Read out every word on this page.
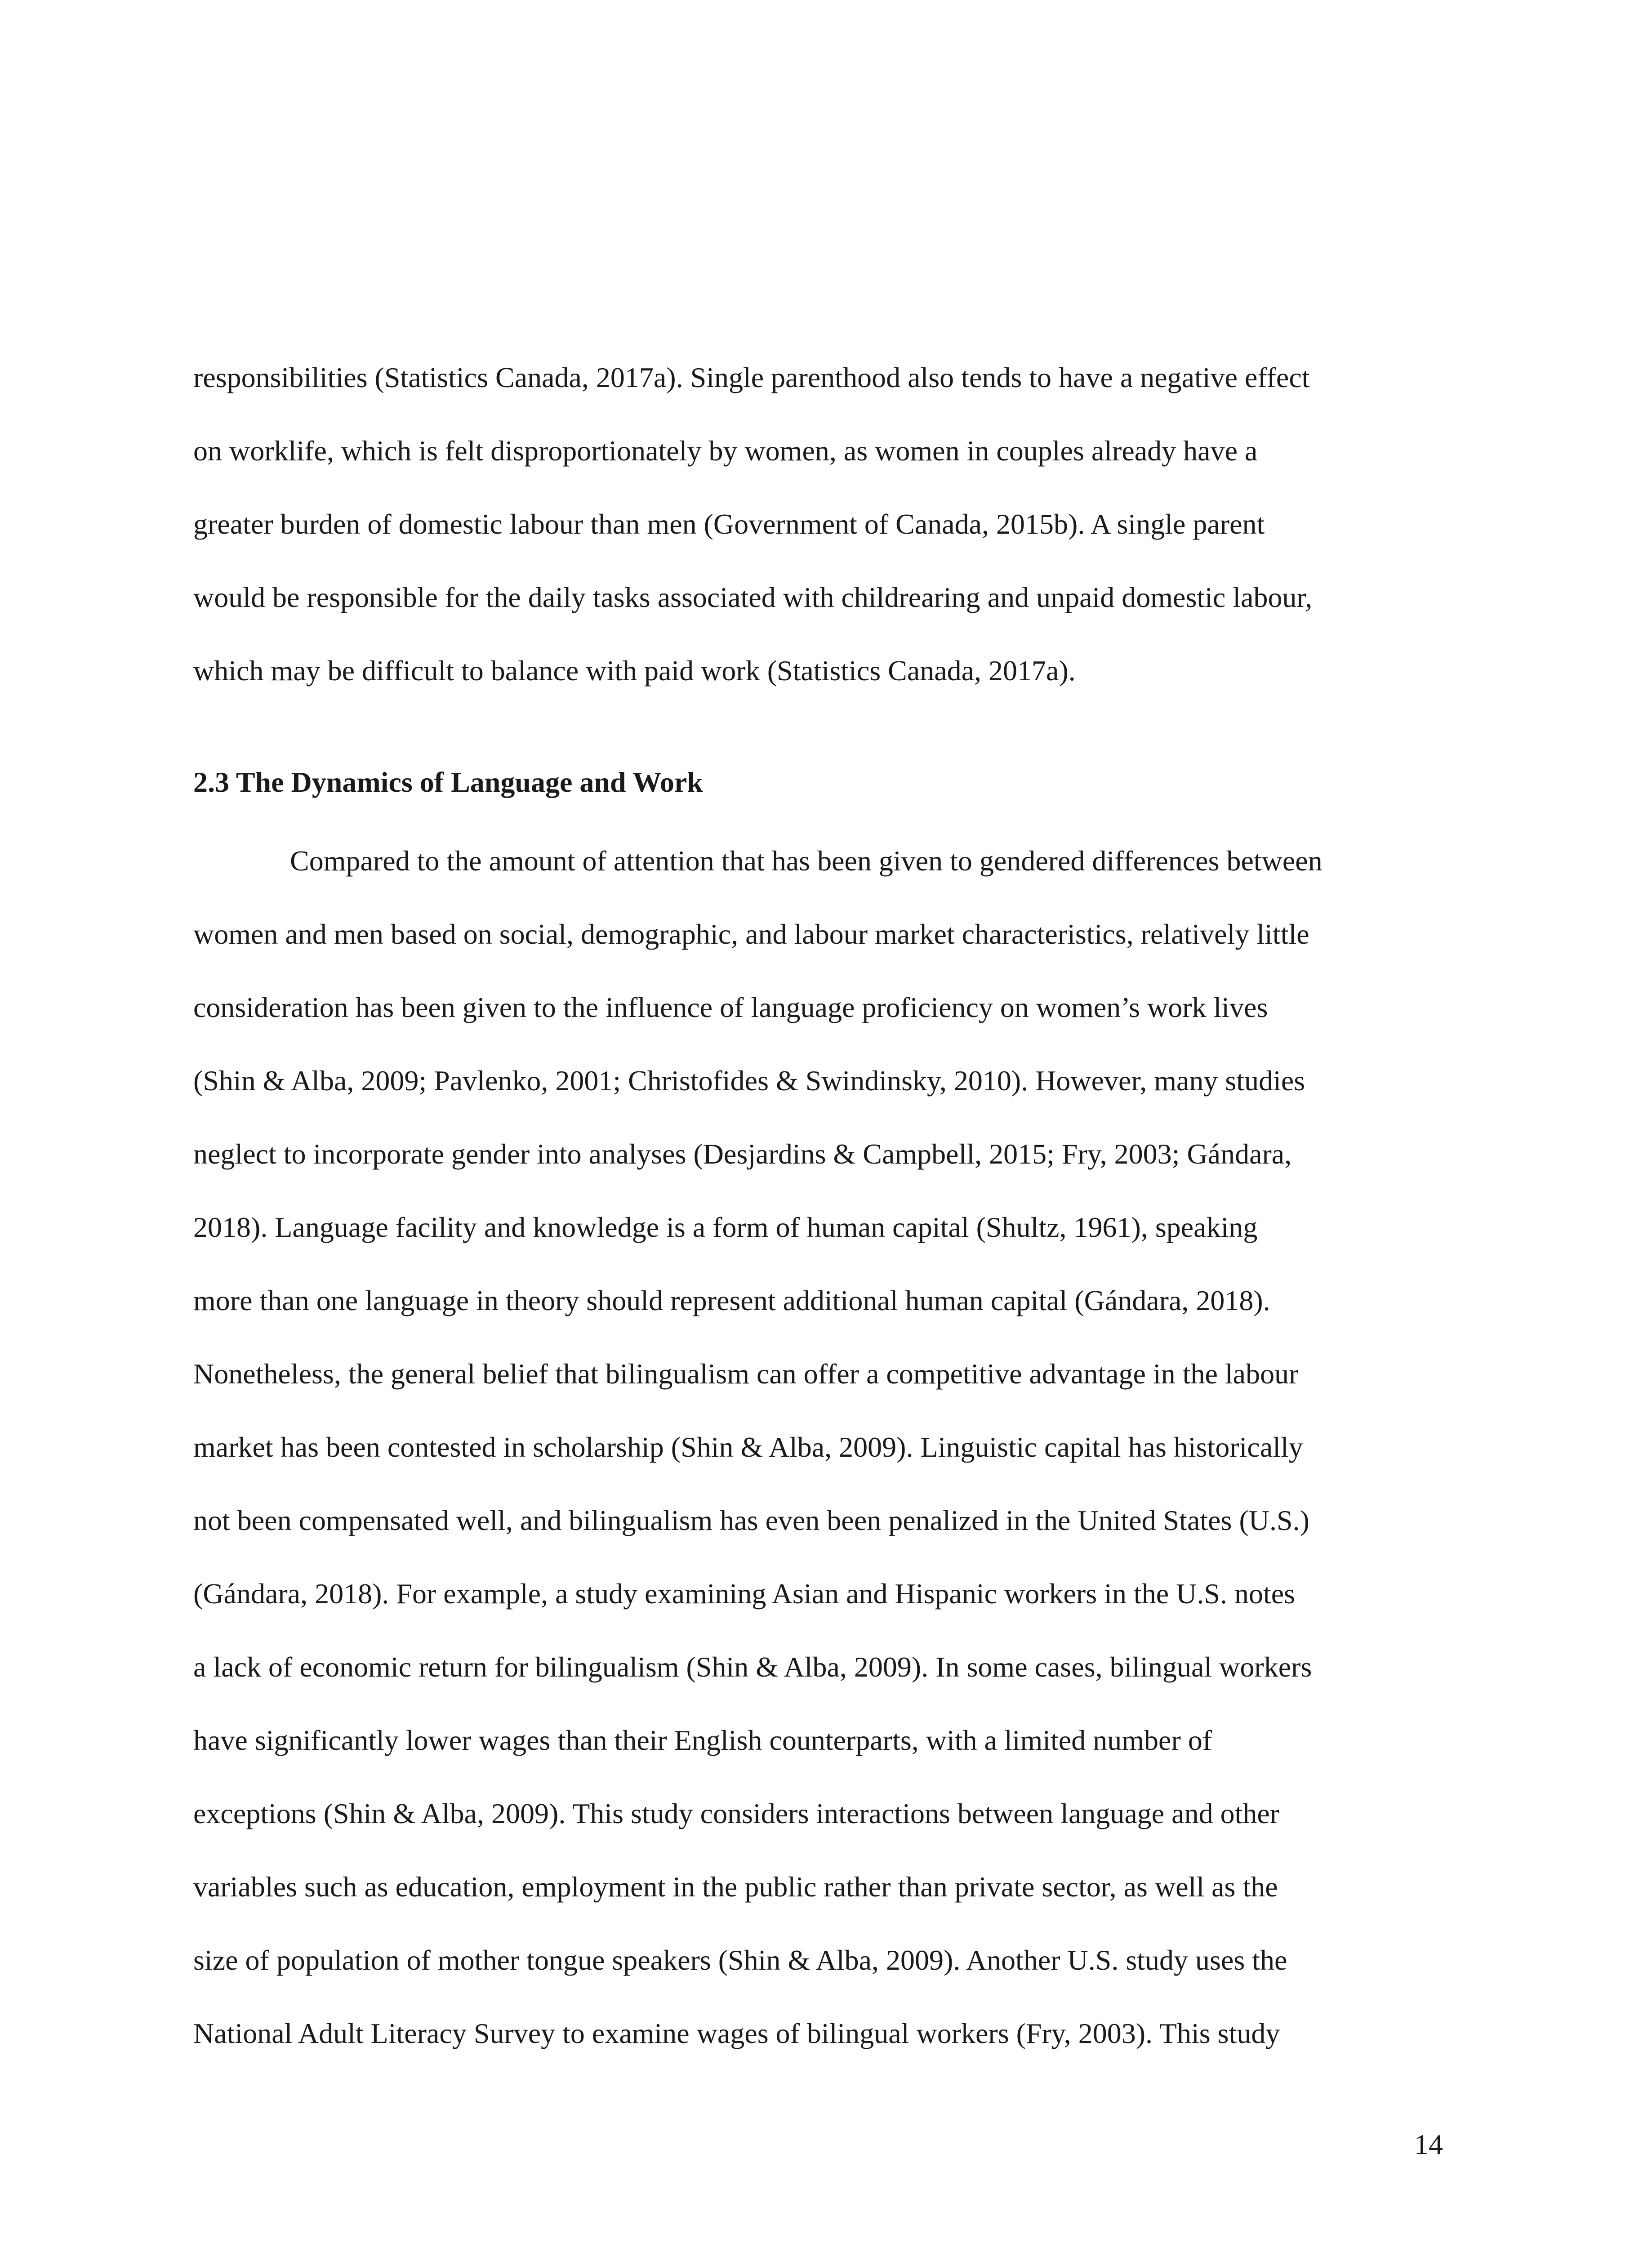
responsibilities (Statistics Canada, 2017a). Single parenthood also tends to have a negative effect
on worklife, which is felt disproportionately by women, as women in couples already have a
greater burden of domestic labour than men (Government of Canada, 2015b). A single parent
would be responsible for the daily tasks associated with childrearing and unpaid domestic labour,
which may be difficult to balance with paid work (Statistics Canada, 2017a).
2.3 The Dynamics of Language and Work
Compared to the amount of attention that has been given to gendered differences between
women and men based on social, demographic, and labour market characteristics, relatively little
consideration has been given to the influence of language proficiency on women’s work lives
(Shin & Alba, 2009; Pavlenko, 2001; Christofides & Swindinsky, 2010). However, many studies
neglect to incorporate gender into analyses (Desjardins & Campbell, 2015; Fry, 2003; Gándara,
2018). Language facility and knowledge is a form of human capital (Shultz, 1961), speaking
more than one language in theory should represent additional human capital (Gándara, 2018).
Nonetheless, the general belief that bilingualism can offer a competitive advantage in the labour
market has been contested in scholarship (Shin & Alba, 2009). Linguistic capital has historically
not been compensated well, and bilingualism has even been penalized in the United States (U.S.)
(Gándara, 2018). For example, a study examining Asian and Hispanic workers in the U.S. notes
a lack of economic return for bilingualism (Shin & Alba, 2009). In some cases, bilingual workers
have significantly lower wages than their English counterparts, with a limited number of
exceptions (Shin & Alba, 2009). This study considers interactions between language and other
variables such as education, employment in the public rather than private sector, as well as the
size of population of mother tongue speakers (Shin & Alba, 2009). Another U.S. study uses the
National Adult Literacy Survey to examine wages of bilingual workers (Fry, 2003). This study
14
